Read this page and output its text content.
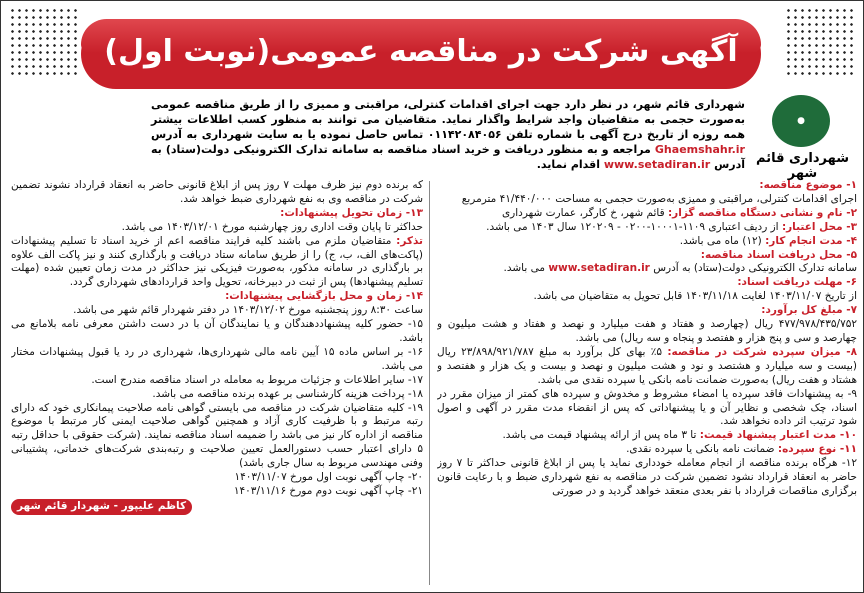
آگهی شرکت در مناقصه عمومی(نوبت اول)
●
شهرداری قائم شهر
شهرداری قائم شهر، در نظر دارد جهت اجرای اقدامات کنترلی، مراقبتی و ممیزی را از طریق مناقصه عمومی به‌صورت حجمی به متقاضیان واجد شرایط واگذار نماید. متقاضیان می توانند به منظور کسب اطلاعات بیشتر همه روزه از تاریخ درج آگهی با شماره تلفن ۰۱۱۴۲۰۸۴۰۵۶ تماس حاصل نموده یا به سایت شهرداری به آدرس Ghaemshahr.ir مراجعه و به منظور دریافت و خرید اسناد مناقصه به سامانه تدارک الکترونیکی دولت(ستاد) به آدرس www.setadiran.ir اقدام نماید.

۱- موضوع مناقصه:

اجرای اقدامات کنترلی، مراقبتی و ممیزی به‌صورت حجمی به مساحت ۴۱/۴۴۰/۰۰۰ مترمربع

۲- نام و نشانی دستگاه مناقصه گزار: قائم شهر، خ کارگر، عمارت شهرداری

۳- محل اعتبار: از ردیف اعتباری ۱۱۰۹-۱۰۰۰۱-۰۲۰۰ - ۱۲۰۲۰۹ سال ۱۴۰۳ می باشد.

۴- مدت انجام کار: (۱۲) ماه می باشد.

۵- محل دریافت اسناد مناقصه:

سامانه تدارک الکترونیکی دولت(ستاد) به آدرس www.setadiran.ir می باشد.

۶- مهلت دریافت اسناد:

از تاریخ ۱۴۰۳/۱۱/۰۷ لغایت ۱۴۰۳/۱۱/۱۸ قابل تحویل به متقاضیان می باشد.

۷- مبلغ کل برآورد:

۴۷۷/۹۷۸/۴۳۵/۷۵۲ ریال (چهارصد و هفتاد و هفت میلیارد و نهصد و هفتاد و هشت میلیون و چهارصد و سی و پنج هزار و هفتصد و پنجاه و سه ریال) می باشد.

۸- میزان سپرده شرکت در مناقصه: ۵٪ بهای کل برآورد به مبلغ ۲۳/۸۹۸/۹۲۱/۷۸۷ ریال (بیست و سه میلیارد و هشتصد و نود و هشت میلیون و نهصد و بیست و یک هزار و هفتصد و هشتاد و هفت ریال) به‌صورت ضمانت نامه بانکی یا سپرده نقدی می باشد.

۹- به پیشنهادات فاقد سپرده یا امضاء مشروط و مخدوش و سپرده های کمتر از میزان مقرر در اسناد، چک شخصی و نظایر آن و یا پیشنهاداتی که پس از انقضاء مدت مقرر در آگهی و اصول شود ترتیب اثر داده نخواهد شد.

۱۰- مدت اعتبار پیشنهاد قیمت: تا ۳ ماه پس از ارائه پیشنهاد قیمت می باشد.

۱۱- نوع سپرده: ضمانت نامه بانکی یا سپرده نقدی.

۱۲- هرگاه برنده مناقصه از انجام معامله خودداری نماید یا پس از ابلاغ قانونی حداکثر تا ۷ روز حاضر به انعقاد قرارداد نشود تضمین شرکت در مناقصه به نفع شهرداری ضبط و با رعایت قانون برگزاری مناقصات قرارداد با نفر بعدی منعقد خواهد گردید و در صورتی

که برنده دوم نیز ظرف مهلت ۷ روز پس از ابلاغ قانونی حاضر به انعقاد قرارداد نشوند تضمین شرکت در مناقصه وی به نفع شهرداری ضبط خواهد شد.

۱۳- زمان تحویل پیشنهادات:

حداکثر تا پایان وقت اداری روز چهارشنبه مورخ ۱۴۰۳/۱۲/۰۱ می باشد.

تذکر: متقاضیان ملزم می باشند کلیه فرایند مناقصه اعم از خرید اسناد تا تسلیم پیشنهادات (پاکت‌های الف، ب، ج) را از طریق سامانه ستاد دریافت و بارگذاری کنند و نیز پاکت الف علاوه بر بارگذاری در سامانه مذکور، به‌صورت فیزیکی نیز حداکثر در مدت زمان تعیین شده (مهلت تسلیم پیشنهادها) پس از ثبت در دبیرخانه، تحویل واحد قراردادهای شهرداری گردد.

۱۴- زمان و محل بازگشایی پیشنهادات:

ساعت ۸:۳۰ روز پنجشنبه مورخ ۱۴۰۳/۱۲/۰۲ در دفتر شهردار قائم شهر می باشد.

۱۵- حضور کلیه پیشنهاددهندگان و یا نمایندگان آن با در دست داشتن معرفی نامه بلامانع می باشد.

۱۶- بر اساس ماده ۱۵ آیین نامه مالی شهرداری‌ها، شهرداری در رد یا قبول پیشنهادات مختار می باشد.

۱۷- سایر اطلاعات و جزئیات مربوط به معامله در اسناد مناقصه مندرج است.

۱۸- پرداخت هزینه کارشناسی بر عهده برنده مناقصه می باشد.

۱۹- کلیه متقاضیان شرکت در مناقصه می بایستی گواهی نامه صلاحیت پیمانکاری خود که دارای رتبه مرتبط و با ظرفیت کاری آزاد و همچنین گواهی صلاحیت ایمنی کار مرتبط با موضوع مناقصه از اداره کار نیز می باشد را ضمیمه اسناد مناقصه نمایند. (شرکت حقوقی با حداقل رتبه ۵ دارای اعتبار حسب دستورالعمل تعیین صلاحیت و رتبه‌بندی شرکت‌های خدماتی، پشتیبانی وفنی مهندسی مربوط به سال جاری باشد)

۲۰- چاپ آگهی نوبت اول مورخ ۱۴۰۳/۱۱/۰۷

۲۱- چاپ آگهی نوبت دوم مورخ ۱۴۰۳/۱۱/۱۶

کاظم علیپور - شهردار قائم شهر
